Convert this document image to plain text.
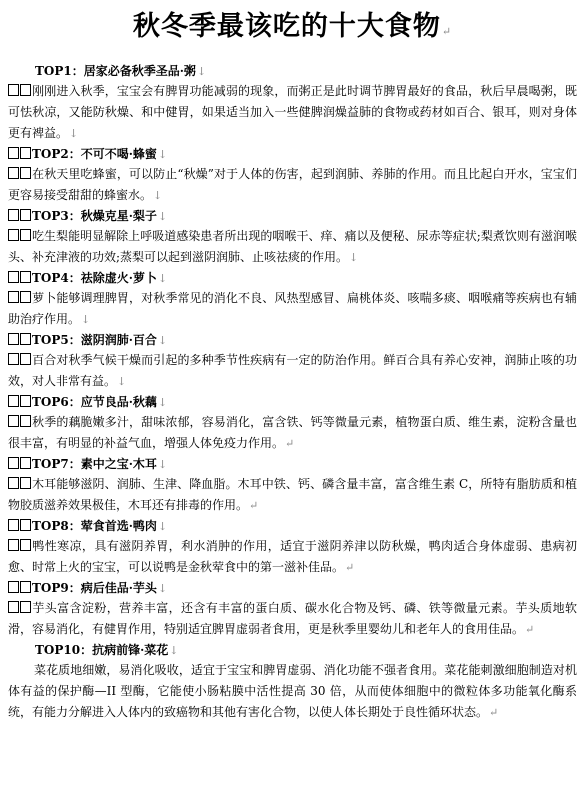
秋冬季最该吃的十大食物↵
TOP1：居家必备秋季圣品·粥↓
刚刚进入秋季，宝宝会有脾胃功能减弱的现象，而粥正是此时调节脾胃最好的食品，秋后早晨喝粥，既可怯秋凉，又能防秋燥、和中健胃，如果适当加入一些健脾润燥益肺的食物或药材如百合、银耳，则对身体更有裨益。↓
TOP2：不可不喝·蜂蜜↓
在秋天里吃蜂蜜，可以防止“秋燥”对于人体的伤害，起到润肺、养肺的作用。而且比起白开水，宝宝们更容易接受甜甜的蜂蜜水。↓
TOP3：秋燥克星·梨子↓
吃生梨能明显解除上呼吸道感染患者所出现的咽喉干、痒、痛以及便秘、尿赤等症状;梨煮饮则有滋润喉头、补充津液的功效;蒸梨可以起到滋阴润肺、止咳祛痰的作用。↓
TOP4：祛除虚火·萝卜↓
萝卜能够调理脾胃，对秋季常见的消化不良、风热型感冒、扁桃体炎、咳喘多痰、咽喉痛等疾病也有辅助治疗作用。↓
TOP5：滋阴润肺·百合↓
百合对秋季气候干燥而引起的多种季节性疾病有一定的防治作用。鲜百合具有养心安神，润肺止咳的功效，对人非常有益。↓
TOP6：应节良品·秋藕↓
秋季的藕脆嫩多汁，甜味浓郁，容易消化，富含铁、钙等微量元素，植物蛋白质、维生素，淀粉含量也很丰富，有明显的补益气血，增强人体免疫力作用。↵
TOP7：素中之宝·木耳↓
木耳能够滋阴、润肺、生津、降血脂。木耳中铁、钙、磷含量丰富，富含维生素 C，所特有脂肪质和植物胶质滋养效果极佳，木耳还有排毒的作用。↵
TOP8：荤食首选·鸭肉↓
鸭性寒凉，具有滋阴养胃，利水消肿的作用，适宜于滋阴养津以防秋燥，鸭肉适合身体虚弱、患病初愈、时常上火的宝宝，可以说鸭是金秋荤食中的第一滋补佳品。↵
TOP9：病后佳品·芋头↓
芋头富含淀粉，营养丰富，还含有丰富的蛋白质、碳水化合物及钙、磷、铁等微量元素。芋头质地软滑，容易消化，有健胃作用，特别适宜脾胃虚弱者食用，更是秋季里婴幼儿和老年人的食用佳品。↵
TOP10：抗病前锋·菜花↓
菜花质地细嫩，易消化吸收，适宜于宝宝和脾胃虚弱、消化功能不强者食用。菜花能刺激细胞制造对机体有益的保护酶—II 型酶，它能使小肠粘膜中活性提高 30 倍，从而使体细胞中的微粒体多功能氧化酶系统，有能力分解进入人体内的致癌物和其他有害化合物，以使人体长期处于良性循环状态。↵
